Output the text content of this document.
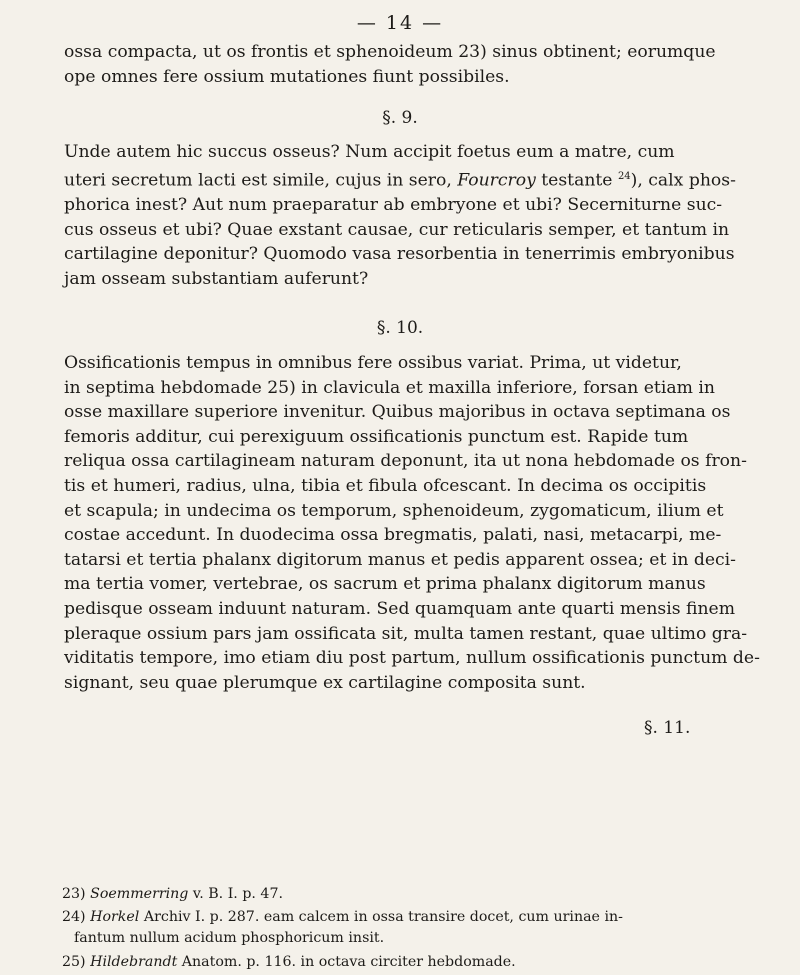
— 14 —
ossa compacta, ut os frontis et sphenoideum 23) sinus obtinent; eorumque
ope omnes fere ossium mutationes fiunt possibiles.
§. 9.
Unde autem hic succus osseus? Num accipit foetus eum a matre, cum
uteri secretum lacti est simile, cujus in sero, Fourcroy testante $^{24}$), calx phos-
phorica inest? Aut num praeparatur ab embryone et ubi? Secerniturne suc-
cus osseus et ubi? Quae exstant causae, cur reticularis semper, et tantum in
cartilagine deponitur? Quomodo vasa resorbentia in tenerrimis embryonibus
jam osseam substantiam auferunt?
§. 10.
Ossificationis tempus in omnibus fere ossibus variat. Prima, ut videtur,
in septima hebdomade 25) in clavicula et maxilla inferiore, forsan etiam in
osse maxillare superiore invenitur. Quibus majoribus in octava septimana os
femoris additur, cui perexiguum ossificationis punctum est. Rapide tum
reliqua ossa cartilagineam naturam deponunt, ita ut nona hebdomade os fron-
tis et humeri, radius, ulna, tibia et fibula ofcescant. In decima os occipitis
et scapula; in undecima os temporum, sphenoideum, zygomaticum, ilium et
costae accedunt. In duodecima ossa bregmatis, palati, nasi, metacarpi, me-
tatarsi et tertia phalanx digitorum manus et pedis apparent ossea; et in deci-
ma tertia vomer, vertebrae, os sacrum et prima phalanx digitorum manus
pedisque osseam induunt naturam. Sed quamquam ante quarti mensis finem
pleraque ossium pars jam ossificata sit, multa tamen restant, quae ultimo gra-
viditatis tempore, imo etiam diu post partum, nullum ossificationis punctum de-
signant, seu quae plerumque ex cartilagine composita sunt.
§. 11.
23) Soemmerring v. B. I. p. 47.
24) Horkel Archiv I. p. 287. eam calcem in ossa transire docet, cum urinae in-
fantum nullum acidum phosphoricum insit.
25) Hildebrandt Anatom. p. 116. in octava circiter hebdomade.
